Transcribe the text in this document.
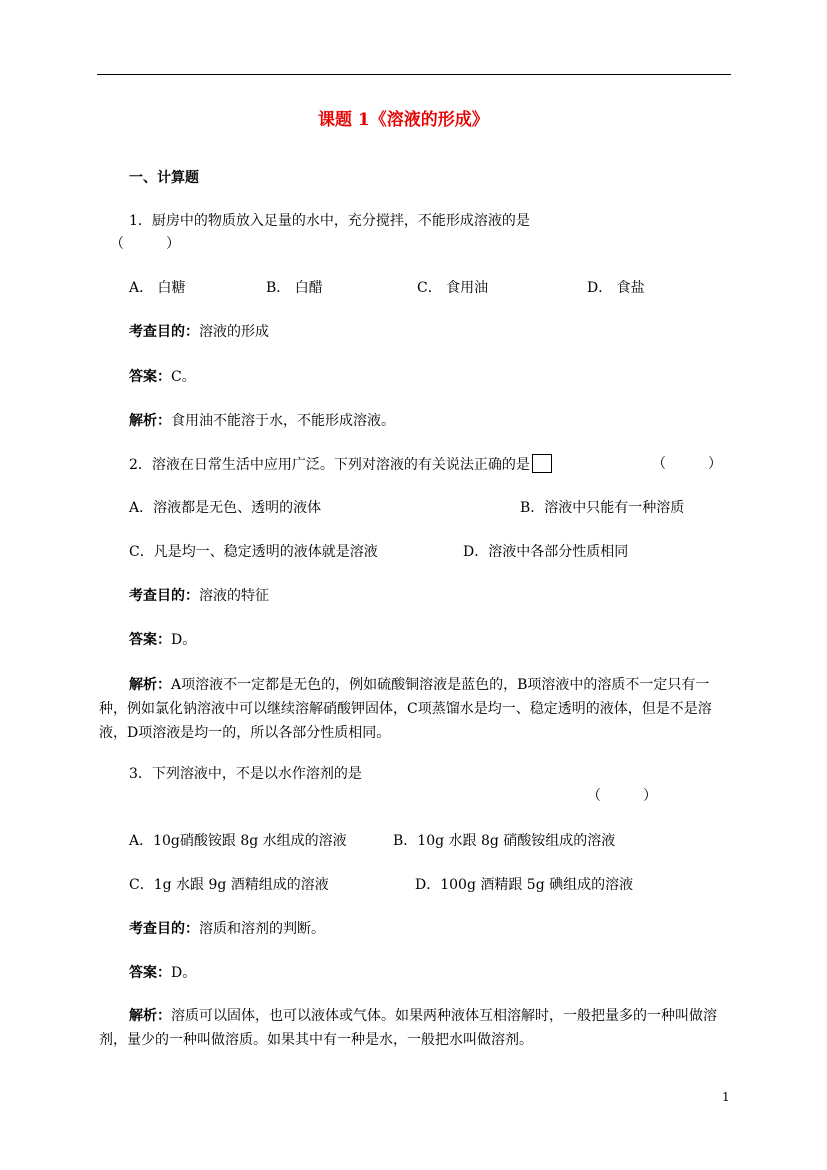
课题 1《溶液的形成》
一、计算题
1．厨房中的物质放入足量的水中，充分搅拌，不能形成溶液的是
（　　　）
A． 白糖	B． 白醋	C． 食用油	D． 食盐
考查目的：溶液的形成
答案：C。
解析：食用油不能溶于水，不能形成溶液。
2．溶液在日常生活中应用广泛。下列对溶液的有关说法正确的是	（　　　）
A．溶液都是无色、透明的液体	B．溶液中只能有一种溶质
C．凡是均一、稳定透明的液体就是溶液	D．溶液中各部分性质相同
考查目的：溶液的特征
答案：D。
解析：A项溶液不一定都是无色的，例如硫酸铜溶液是蓝色的，B项溶液中的溶质不一定只有一种，例如氯化钠溶液中可以继续溶解硝酸钾固体，C项蒸馏水是均一、稳定透明的液体，但是不是溶液，D项溶液是均一的，所以各部分性质相同。
3．下列溶液中，不是以水作溶剂的是
（　　　）
A．10g硝酸铵跟 8g 水组成的溶液	B．10g 水跟 8g 硝酸铵组成的溶液
C．1g 水跟 9g 酒精组成的溶液	D．100g 酒精跟 5g 碘组成的溶液
考查目的：溶质和溶剂的判断。
答案：D。
解析：溶质可以固体，也可以液体或气体。如果两种液体互相溶解时，一般把量多的一种叫做溶剂，量少的一种叫做溶质。如果其中有一种是水，一般把水叫做溶剂。
1
